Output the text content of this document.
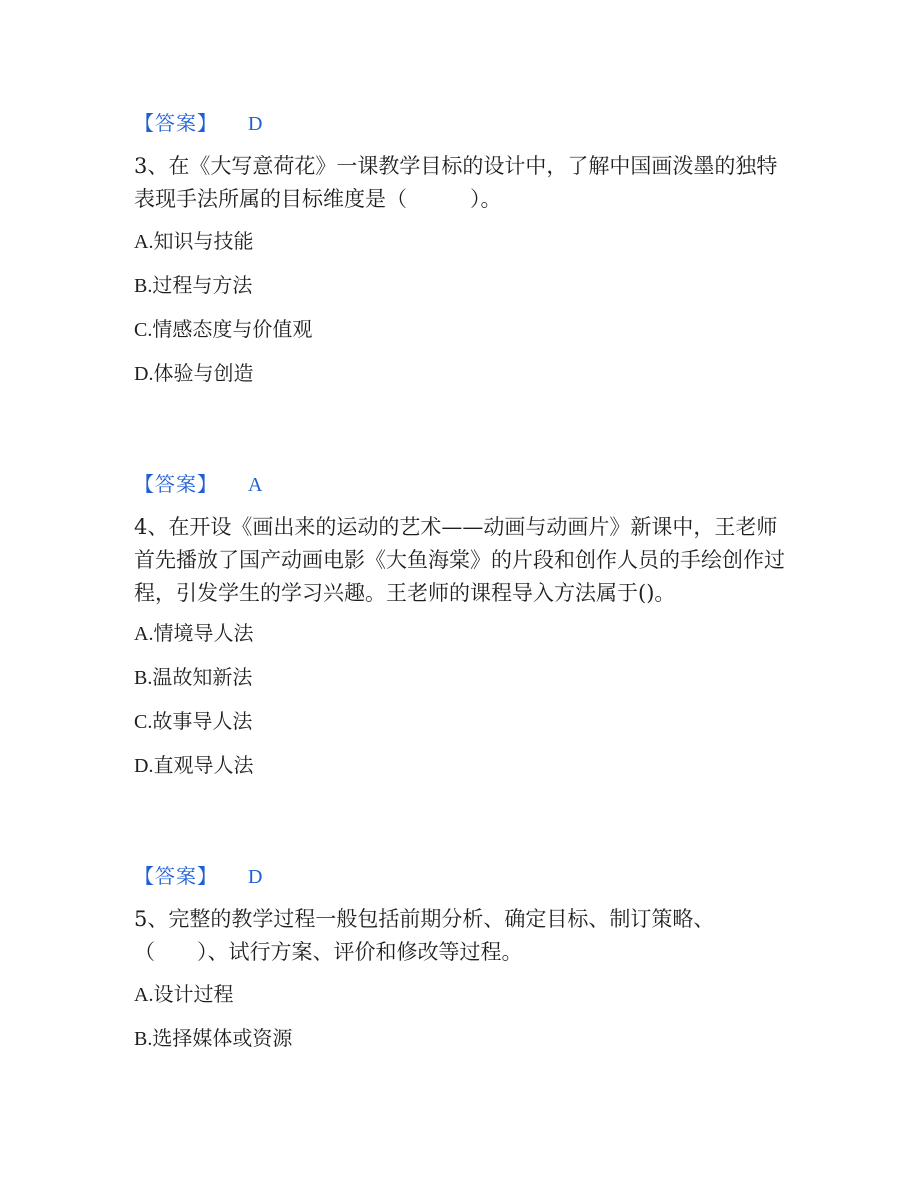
【答案】 D
3、在《大写意荷花》一课教学目标的设计中，了解中国画泼墨的独特表现手法所属的目标维度是（　　　）。
A.知识与技能
B.过程与方法
C.情感态度与价值观
D.体验与创造
【答案】 A
4、在开设《画出来的运动的艺术——动画与动画片》新课中，王老师首先播放了国产动画电影《大鱼海棠》的片段和创作人员的手绘创作过程，引发学生的学习兴趣。王老师的课程导入方法属于()。
A.情境导人法
B.温故知新法
C.故事导人法
D.直观导人法
【答案】 D
5、完整的教学过程一般包括前期分析、确定目标、制订策略、（　　）、试行方案、评价和修改等过程。
A.设计过程
B.选择媒体或资源
